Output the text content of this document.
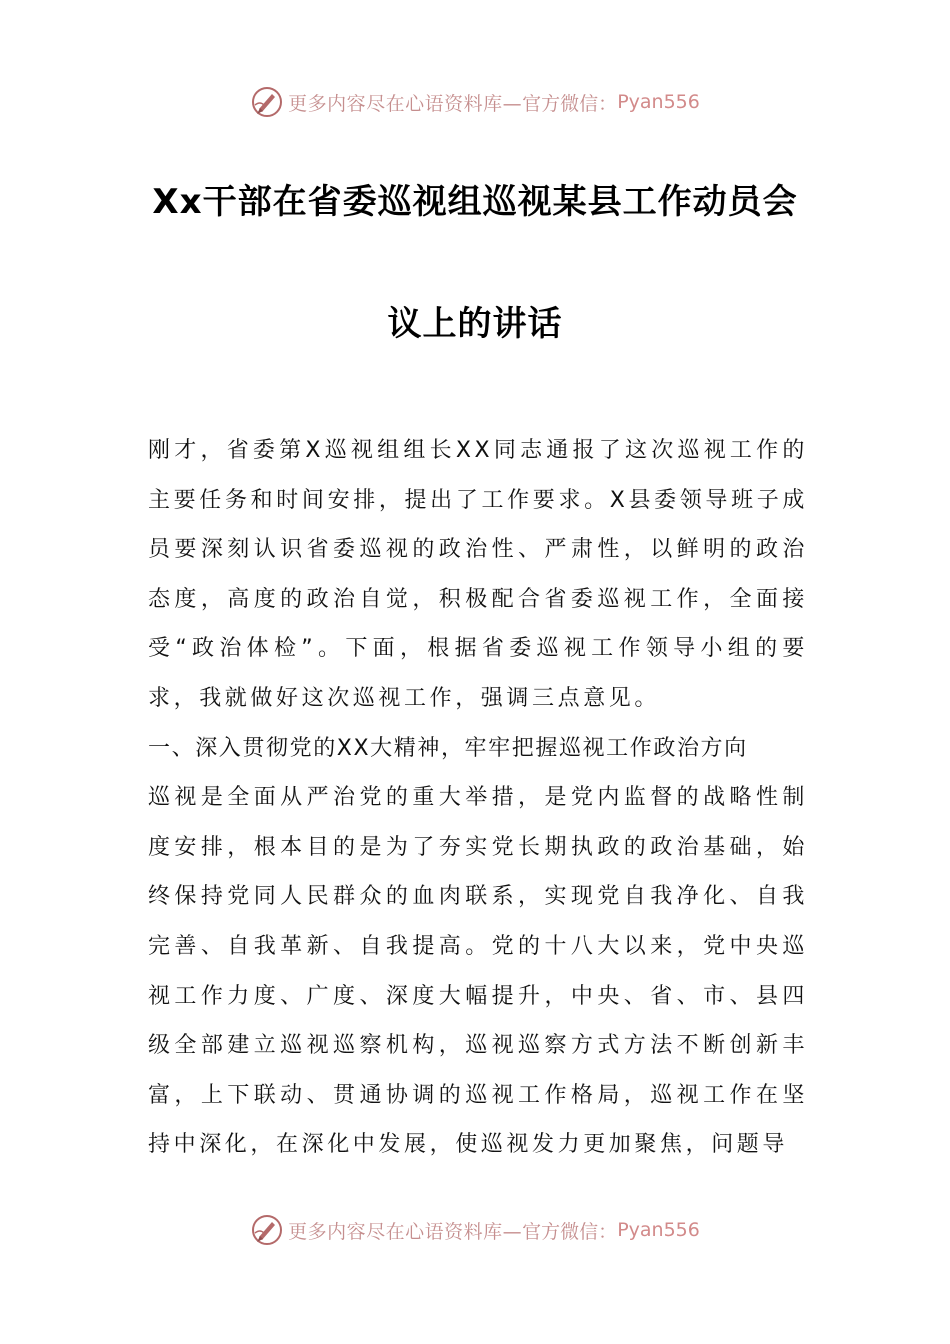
更多内容尽在心语资料库— 官方微信： Pyan556
Xx干部在省委巡视组巡视某县工作动员会
议上的讲话

刚才，省委第X巡视组组长XX同志通报了这次巡视工作的主要任务和时间安排，提出了工作要求。X县委领导班子成员要深刻认识省委巡视的政治性、严肃性，以鲜明的政治态度，高度的政治自觉，积极配合省委巡视工作，全面接受“政治体检”。下面，根据省委巡视工作领导小组的要求，我就做好这次巡视工作，强调三点意见。

一、深入贯彻党的XX大精神，牢牢把握巡视工作政治方向

巡视是全面从严治党的重大举措，是党内监督的战略性制度安排，根本目的是为了夯实党长期执政的政治基础，始终保持党同人民群众的血肉联系，实现党自我净化、自我完善、自我革新、自我提高。党的十八大以来，党中央巡视工作力度、广度、深度大幅提升，中央、省、市、县四级全部建立巡视巡察机构，巡视巡察方式方法不断创新丰富，上下联动、贯通协调的巡视工作格局，巡视工作在坚持中深化，在深化中发展，使巡视发力更加聚焦，问题导

更多内容尽在心语资料库— 官方微信： Pyan556
